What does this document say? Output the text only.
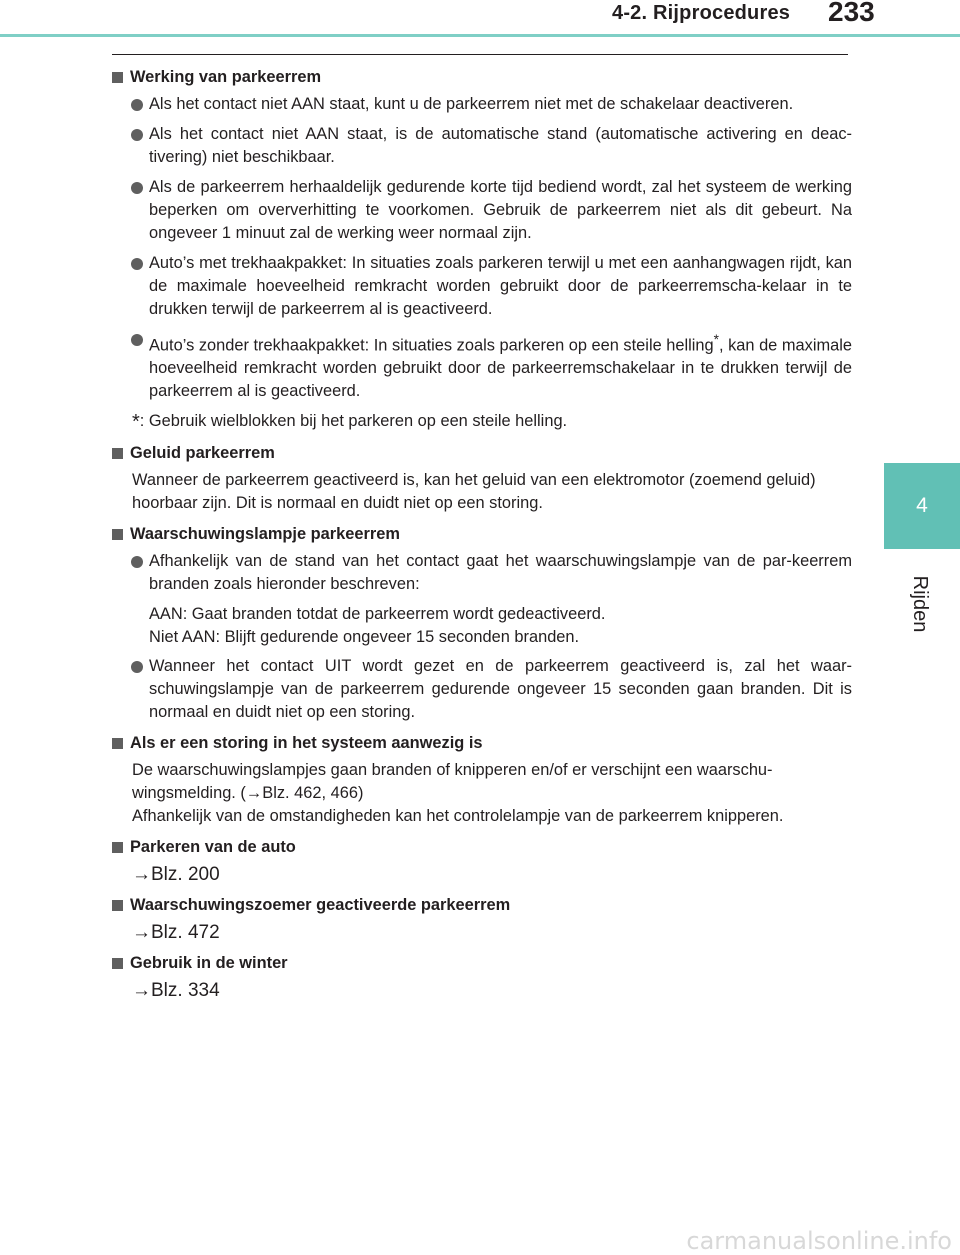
4-2. Rijprocedures 233
4
Rijden
Werking van parkeerrem
Als het contact niet AAN staat, kunt u de parkeerrem niet met de schakelaar deactiveren.
Als het contact niet AAN staat, is de automatische stand (automatische activering en deac-tivering) niet beschikbaar.
Als de parkeerrem herhaaldelijk gedurende korte tijd bediend wordt, zal het systeem de werking beperken om oververhitting te voorkomen. Gebruik de parkeerrem niet als dit gebeurt. Na ongeveer 1 minuut zal de werking weer normaal zijn.
Auto’s met trekhaakpakket: In situaties zoals parkeren terwijl u met een aanhangwagen rijdt, kan de maximale hoeveelheid remkracht worden gebruikt door de parkeerremscha-kelaar in te drukken terwijl de parkeerrem al is geactiveerd.
Auto’s zonder trekhaakpakket: In situaties zoals parkeren op een steile helling*, kan de maximale hoeveelheid remkracht worden gebruikt door de parkeerremschakelaar in te drukken terwijl de parkeerrem al is geactiveerd.
*: Gebruik wielblokken bij het parkeren op een steile helling.
Geluid parkeerrem
Wanneer de parkeerrem geactiveerd is, kan het geluid van een elektromotor (zoemend geluid) hoorbaar zijn. Dit is normaal en duidt niet op een storing.
Waarschuwingslampje parkeerrem
Afhankelijk van de stand van het contact gaat het waarschuwingslampje van de par-keerrem branden zoals hieronder beschreven:
AAN: Gaat branden totdat de parkeerrem wordt gedeactiveerd.
Niet AAN: Blijft gedurende ongeveer 15 seconden branden.
Wanneer het contact UIT wordt gezet en de parkeerrem geactiveerd is, zal het waar-schuwingslampje van de parkeerrem gedurende ongeveer 15 seconden gaan branden. Dit is normaal en duidt niet op een storing.
Als er een storing in het systeem aanwezig is
De waarschuwingslampjes gaan branden of knipperen en/of er verschijnt een waarschu-wingsmelding. (→Blz. 462, 466)
Afhankelijk van de omstandigheden kan het controlelampje van de parkeerrem knipperen.
Parkeren van de auto
→Blz. 200
Waarschuwingszoemer geactiveerde parkeerrem
→Blz. 472
Gebruik in de winter
→Blz. 334
carmanualsonline.info
